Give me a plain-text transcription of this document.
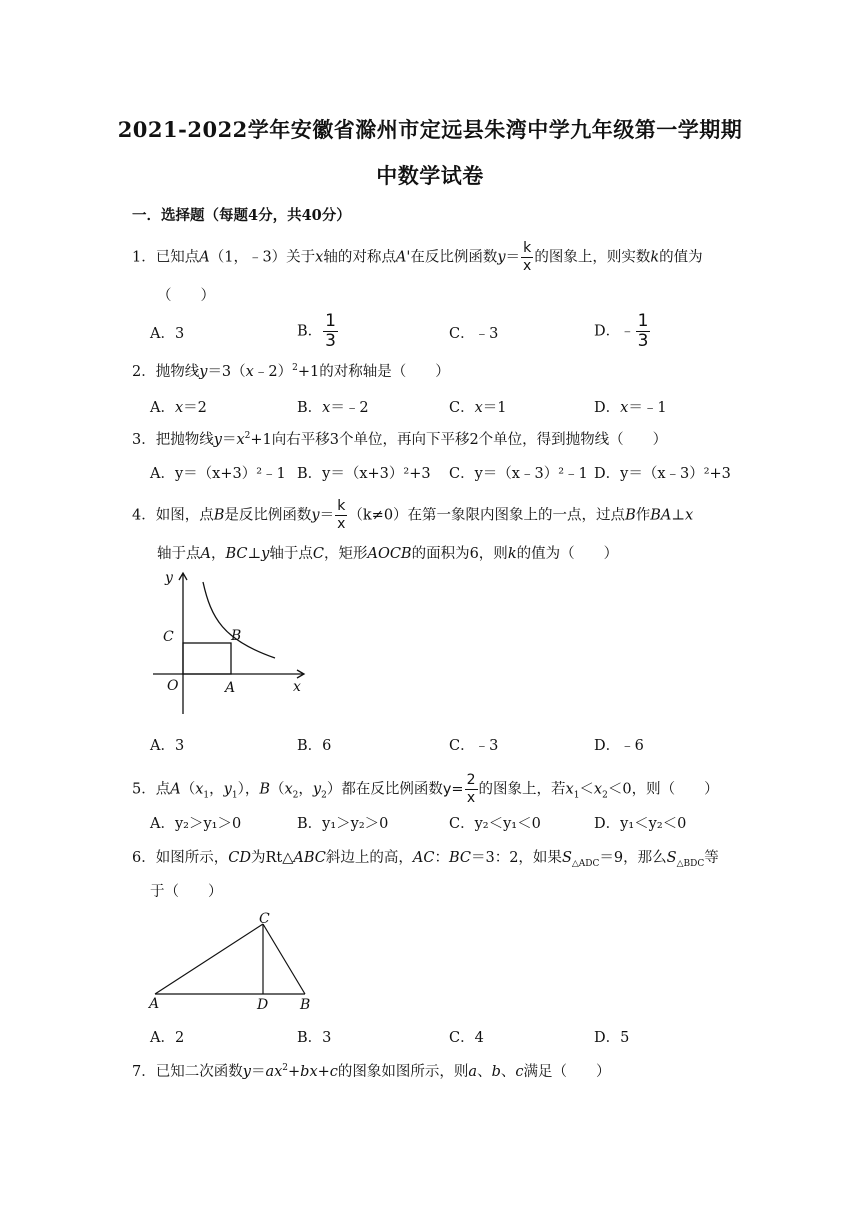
2021-2022学年安徽省滁州市定远县朱湾中学九年级第一学期期
中数学试卷
一．选择题（每题4分，共40分）
1．已知点A（1，﹣3）关于x轴的对称点A'在反比例函数$y= \frac{k}{x}$ 的图象上，则实数k的值为
（　　）
A．3	B． $\frac{1}{3}$	C．﹣3	D．﹣ $\frac{1}{3}$
2．抛物线y＝3（x﹣2）$^2$+1的对称轴是（　　）
A．x＝2	B．x＝﹣2	C．x＝1	D．x＝﹣1
3．把抛物线$y=x^2+1$向右平移3个单位，再向下平移2个单位，得到抛物线（　　）
A．y＝（x+3）²﹣1 B．y＝（x+3）²+3 C．y＝（x﹣3）²﹣1 D．y＝（x﹣3）²+3
4．如图，点B是反比例函数$y= \frac{k}{x} (k\ne 0)$在第一象限内图象上的一点，过点B作BA⊥x
轴于点A，BC⊥y轴于点C，矩形AOCB的面积为6，则k的值为（　　）
y
x
C	B
O	A
A．3	B．6	C．﹣3	D．﹣6
5．点$A(x_1$，$y_1$），$B(x_2$，$y_2$）都在反比例函数$y= \frac{2}{x}$ 的图象上，若$x_1<x_2<0$，则（　　）
A．y₂＞y₁＞0	B．y₁＞y₂＞0	C．y₂＜y₁＜0	D．y₁＜y₂＜0
6．如图所示，CD为Rt△ABC斜边上的高，AC：BC＝3：2，如果$S_{\triangle ADC}=9$，那么$S_{\triangle BDC}$等
于（　　）
C
A	D B
A．2	B．3	C．4	D．5
7．已知二次函数$y=ax^2+bx+c$的图象如图所示，则a、b、c满足（　　）
